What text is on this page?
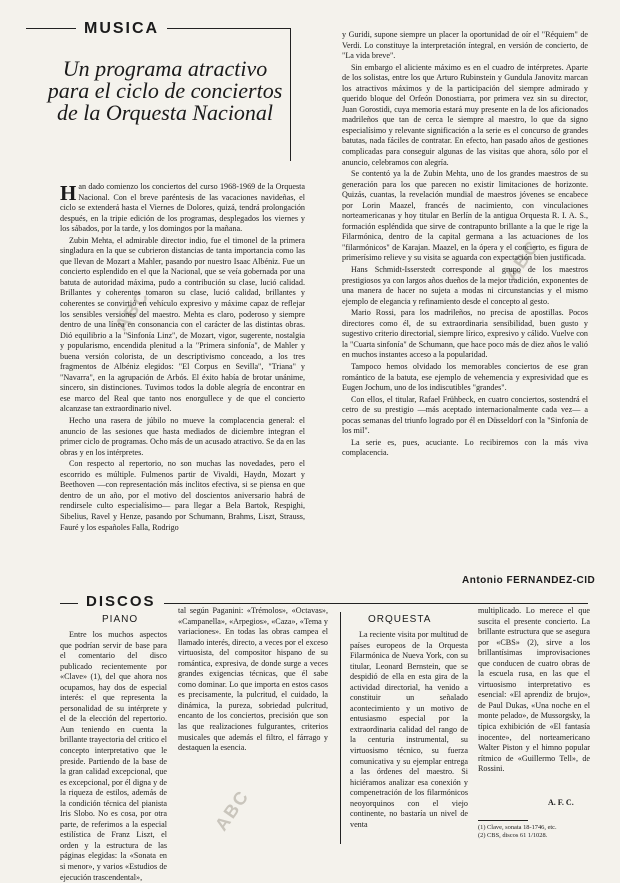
ABC
ABC
ABC
MUSICA
Un programa atractivo
para el ciclo de conciertos
de la Orquesta Nacional

Han dado comienzo los conciertos del curso 1968-1969 de la Orquesta Nacional. Con el breve paréntesis de las vacaciones navideñas, el ciclo se extenderá hasta el Viernes de Dolores, quizá, tendrá prolongación después, en la tripie edición de los programas, desplegados los viernes y los sábados, por la tarde, y los domingos por la mañana.

Zubin Mehta, el admirable director indio, fue el timonel de la primera singladura en la que se cubrieron distancias de tanta importancia como las que llevan de Mozart a Mahler, pasando por nuestro Isaac Albéniz. Fue un concierto esplendido en el que la Nacional, que se veía gobernada por una batuta de autoridad máxima, pudo a contribución su clase, lució calidad. Brillantes y coherentes tomaron su clase, lució calidad, brillantes y coherentes se convirtió en vehículo expresivo y máxime capaz de reflejar los sensibles versiones del maestro. Mehta es claro, poderoso y siempre dentro de una línea en consonancia con el carácter de las distintas obras. Dió equilibrio a la "Sinfonía Linz", de Mozart, vigor, sugerente, nostalgia y popularismo, encendida plenitud a la "Primera sinfonía", de Mahler y buena versión colorista, de un descriptivismo conceado, a los tres fragmentos de Albéniz elegidos: "El Corpus en Sevilla", "Triana" y "Navarra", en la agrupación de Arbós. El éxito había de brotar unánime, sincero, sin distinciones. Tuvimos todos la doble alegría de encontrar en ese marco del Real que tanto nos enorgullece y de que el concierto alcanzase tan extraordinario nivel.

Hecho una rasera de júbilo no mueve la complacencia general: el anuncio de las sesiones que hasta mediados de diciembre integran el primer ciclo de programas. Ocho más de un acusado atractivo. Se da en las obras y en los intérpretes.

Con respecto al repertorio, no son muchas las novedades, pero el escorrido es múltiple. Fulmenos partir de Vivaldi, Haydn, Mozart y Beethoven —con representación más inclitos efectiva, si se piensa en que dentro de un año, por el motivo del doscientos aniversario habrá de rendirsele culto especialísimo— para llegar a Bela Bartok, Respighi, Sibelius, Ravel y Henze, pasando por Schumann, Brahms, Liszt, Strauss, Fauré y los españoles Falla, Rodrigo

y Guridi, supone siempre un placer la oportunidad de oír el "Réquiem" de Verdi. Lo constituye la interpretación íntegral, en versión de concierto, de "La vida breve".

Sin embargo el aliciente máximo es en el cuadro de intérpretes. Aparte de los solistas, entre los que Arturo Rubinstein y Gundula Janovitz marcan los atractivos máximos y de la participación del siempre admirado y querido bloque del Orfeón Donostiarra, por primera vez sin su director, Juan Gorostidi, cuya memoria estará muy presente en la de los aficionados madrileños que tan de cerca le siempre al maestro, lo que da signo especialísimo y relevante significación a la serie es el concurso de grandes batutas, nada fáciles de contratar. En efecto, han pasado años de gestiones complicadas para conseguir algunas de las visitas que ahora, sólo por el anuncio, celebramos con alegría.

Se contentó ya la de Zubin Mehta, uno de los grandes maestros de su generación para los que parecen no existir limitaciones de horizonte. Quizás, cuantas, la revelación mundial de maestros jóvenes se encabece por Lorin Maazel, francés de nacimiento, con vinculaciones norteamericanas y hoy titular en Berlín de la antigua Orquesta R. I. A. S., formación espléndida que sirve de contrapunto brillante a la que le rige la Filarmónica, dentro de la capital germana a las actuaciones de los "filarmónicos" de Karajan. Maazel, en la ópera y el concierto, es figura de primerísimo relieve y su visita se aguarda con expectación bien justificada.

Hans Schmidt-Isserstedt corresponde al grupo de los maestros prestigiosos ya con largos años dueños de la mejor tradición, exponentes de una manera de hacer no sujeta a modas ni circunstancias y el mismo ejemplo de elegancia y refinamiento desde el concepto al gesto.

Mario Rossi, para los madrileños, no precisa de apostillas. Pocos directores como él, de su extraordinaria sensibilidad, buen gusto y sugestivo criterio directorial, siempre lírico, expresivo y cálido. Vuelve con la "Cuarta sinfonía" de Schumann, que hace poco más de diez años le valió en muchos instantes acceso a la popularidad.

Tampoco hemos olvidado los memorables conciertos de ese gran romántico de la batuta, ese ejemplo de vehemencia y expresividad que es Eugen Jochum, uno de los indiscutibles "grandes".

Con ellos, el titular, Rafael Frühbeck, en cuatro conciertos, sostendrá el cetro de su prestigio —más aceptado internacionalmente cada vez— a pocas semanas del triunfo logrado por él en Düsseldorf con la "Sinfonía de los mil".

La serie es, pues, acuciante. Lo recibiremos con la más viva complacencia.

Antonio FERNANDEZ-CID
DISCOS
PIANO	ORQUESTA

Entre los muchos aspectos que podrían servir de base para el comentario del disco publicado recientemente por «Clave» (1), del que ahora nos ocupamos, hay dos de especial interés: el que representa la personalidad de su intérprete y el de la elección del repertorio. Aun teniendo en cuenta la brillante trayectoria del critico el concepto interpretativo que le preside. Partiendo de la base de la gran calidad excepcional, que es excepcional, por él digna y de la riqueza de estilos, además de la condición técnica del pianista Iris Slobo. No es cosa, por otra parte, de referimos a la especial estilística de Franz Liszt, el orden y la estructura de las páginas elegidas: la «Sonata en si menor», y varios «Estudios de ejecución trascendental»,

tal según Paganini: «Trémolos», «Octavas», «Campanella», «Arpegios», «Caza», «Tema y variaciones». En todas las obras campea el llamado interés, directo, a veces por el exceso virtuosista, del compositor hispano de su romántica, expresiva, de donde surge a veces grandes exigencias técnicas, que él sabe como dominar. Lo que importa en estos casos es precisamente, la pulcritud, el cuidado, la dinámica, la pureza, sobriedad pulcritud, encanto de los conciertos, precisión que son las que realizaciones fulgurantes, criterios musicales que además el filtro, el fárrago y destaquen la esencia.

La reciente visita por multitud de países europeos de la Orquesta Filarmónica de Nueva York, con su titular, Leonard Bernstein, que se despidió de ella en esta gira de la actividad directorial, ha venido a constituir un señalado acontecimiento y un motivo de entusiasmo especial por la extraordinaria calidad del rango de la centuria instrumental, su virtuosismo técnico, su fuerza comunicativa y su ejemplar entrega a las órdenes del maestro. Si hiciéramos analizar esa conexión y compenetración de los filarmónicos neoyorquinos con el viejo continente, no bastaría un nivel de venta

multiplicado. Lo merece el que suscita el presente concierto. La brillante estructura que se asegura por «CBS» (2), sirve a los brillantísimas improvisaciones que conducen de cuatro obras de la escuela rusa, en las que el virtuosismo interpretativo es esencial: «El aprendiz de brujo», de Paul Dukas, «Una noche en el monte pelado», de Mussorgsky, la típica exhibición de «El fantasía inocente», del norteamericano Walter Piston y el himno popular rítmico de «Guillermo Tell», de Rossini.

A. F. C.
(1) Clave, sonata 18-1746, etc.
(2) CBS, discos 61 1/1028.
